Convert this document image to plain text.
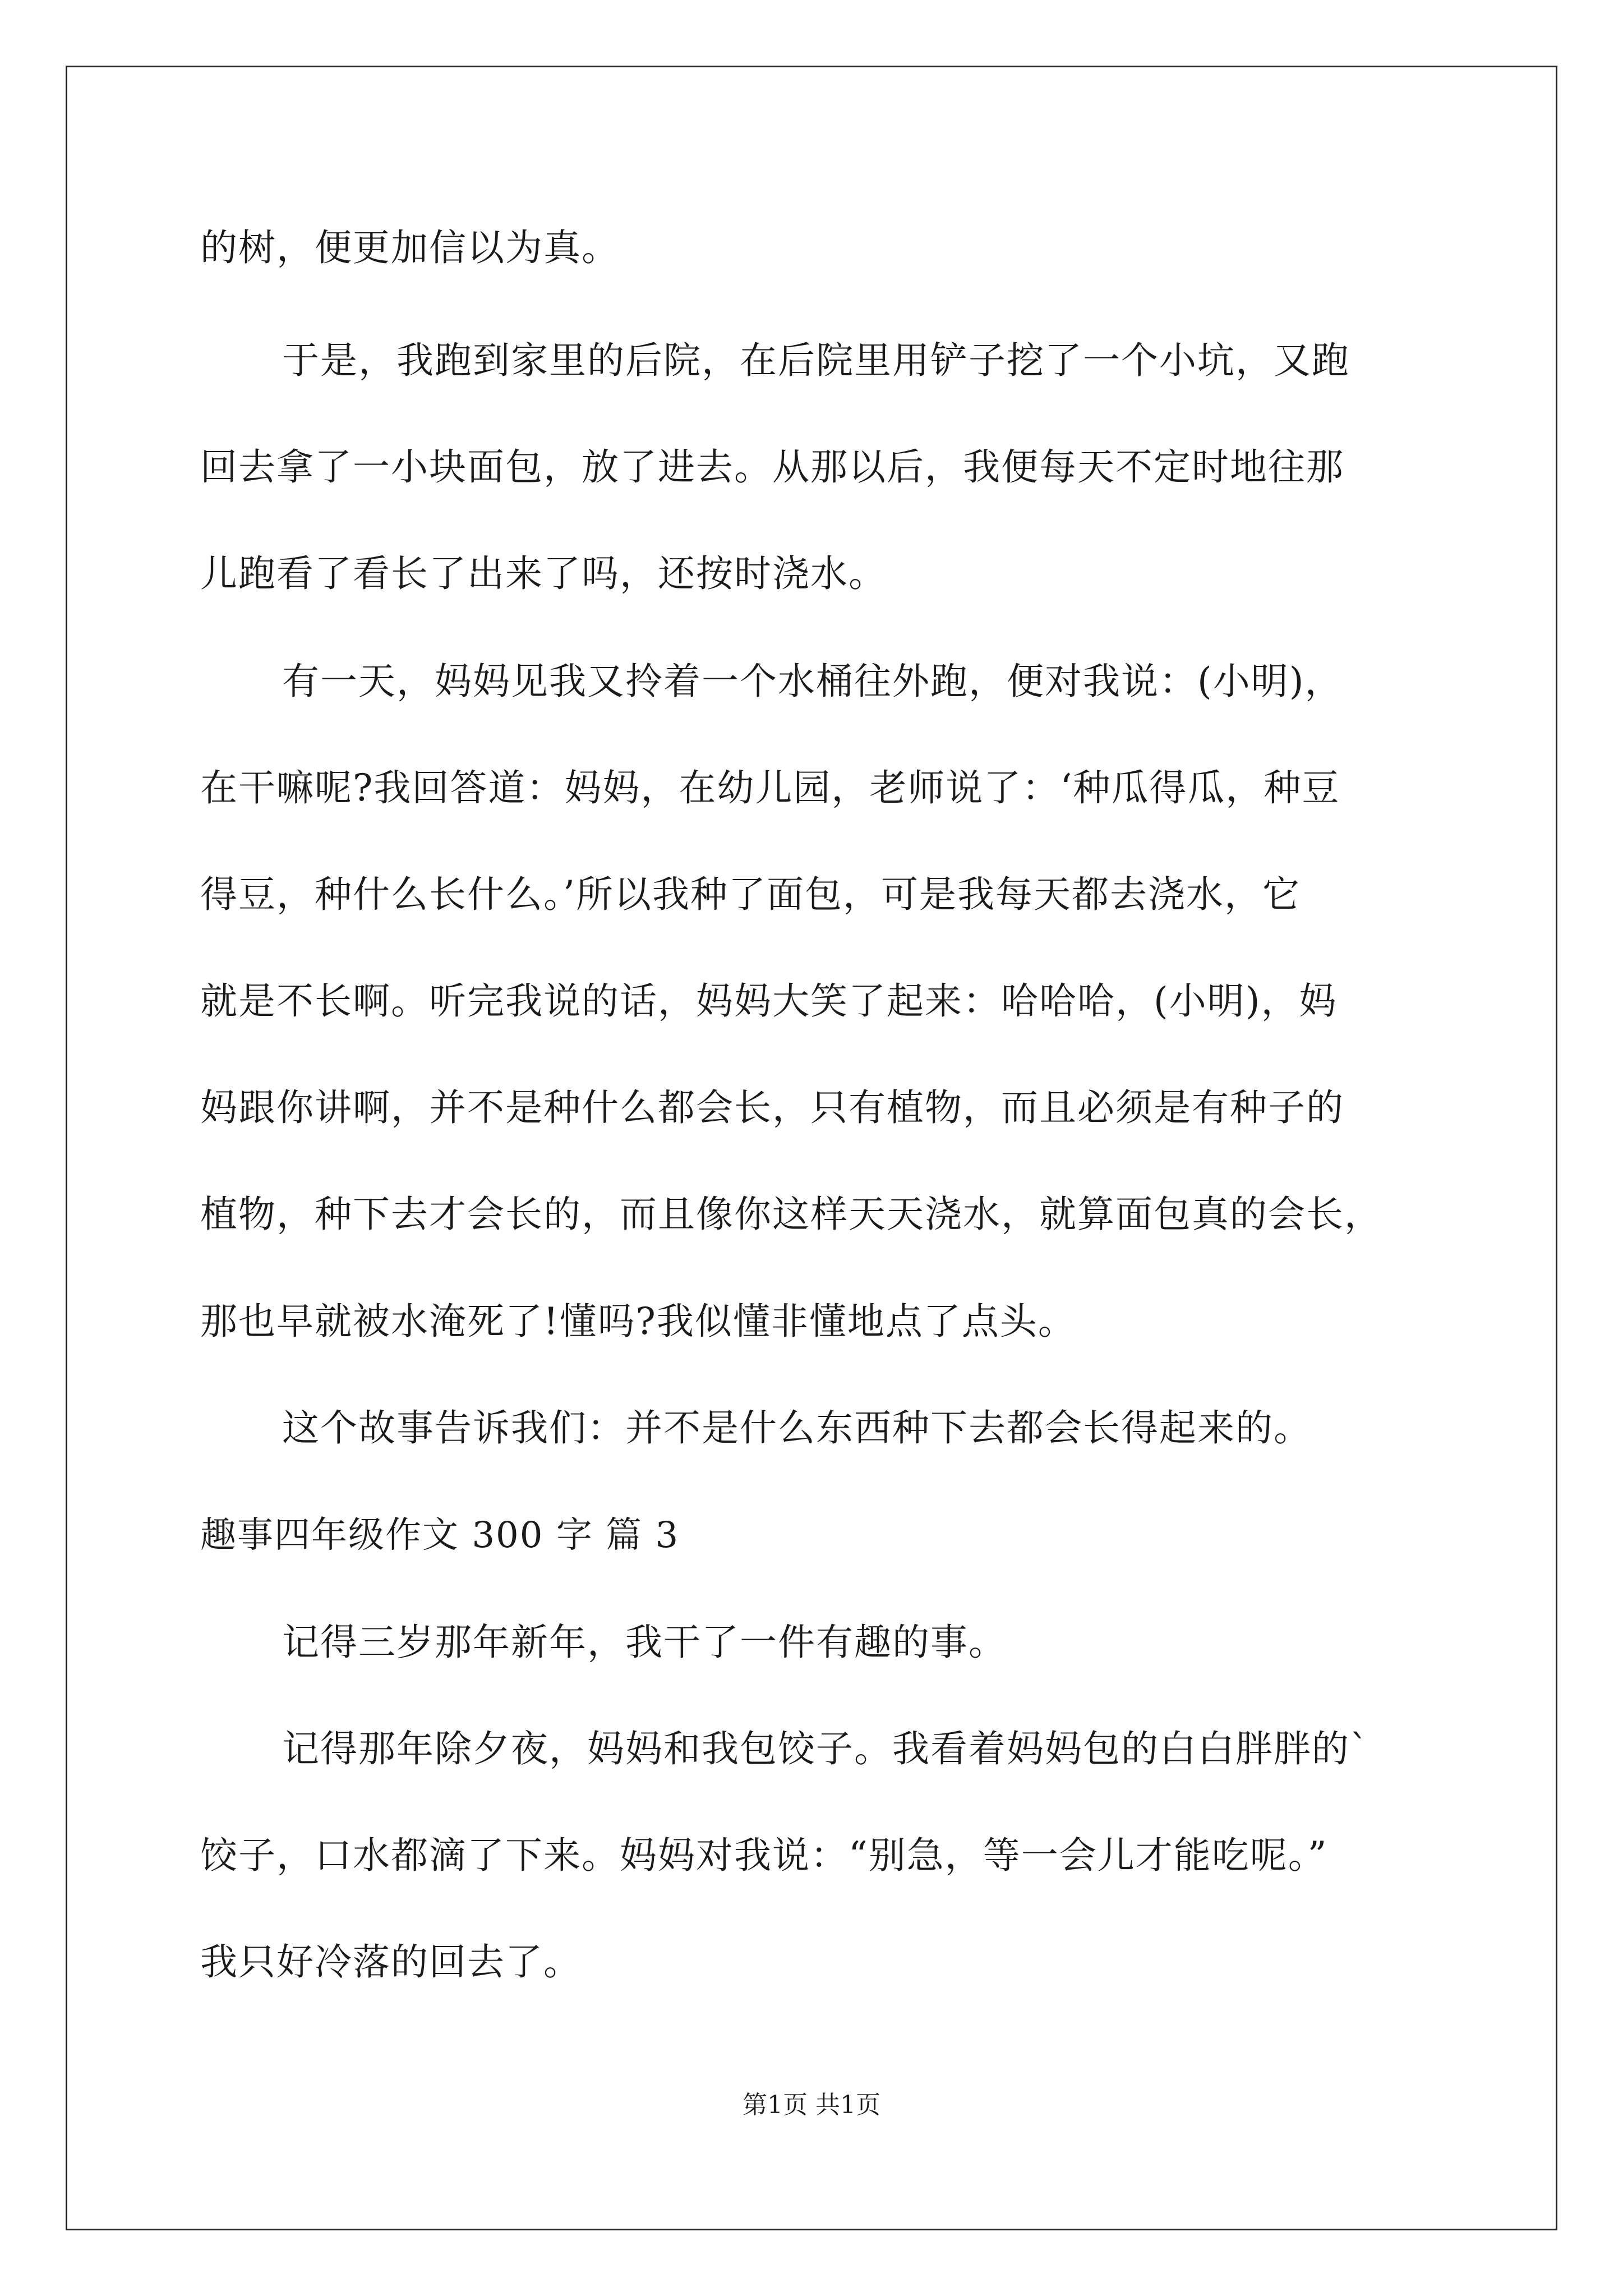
的树，便更加信以为真。
于是，我跑到家里的后院，在后院里用铲子挖了一个小坑，又跑
回去拿了一小块面包，放了进去。从那以后，我便每天不定时地往那
儿跑看了看长了出来了吗，还按时浇水。
有一天，妈妈见我又拎着一个水桶往外跑，便对我说：(小明)，
在干嘛呢?我回答道：妈妈，在幼儿园，老师说了：‘种瓜得瓜，种豆
得豆，种什么长什么。’所以我种了面包，可是我每天都去浇水，它
就是不长啊。听完我说的话，妈妈大笑了起来：哈哈哈，(小明)，妈
妈跟你讲啊，并不是种什么都会长，只有植物，而且必须是有种子的
植物，种下去才会长的，而且像你这样天天浇水，就算面包真的会长，
那也早就被水淹死了!懂吗?我似懂非懂地点了点头。
这个故事告诉我们：并不是什么东西种下去都会长得起来的。
趣事四年级作文 300 字 篇 3
记得三岁那年新年，我干了一件有趣的事。
记得那年除夕夜，妈妈和我包饺子。我看着妈妈包的白白胖胖的`
饺子，口水都滴了下来。妈妈对我说：“别急，等一会儿才能吃呢。”
我只好冷落的回去了。
第1页 共1页
